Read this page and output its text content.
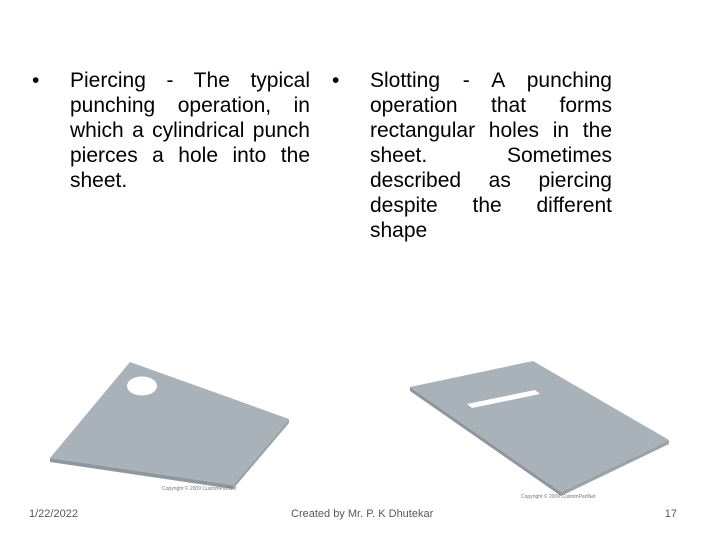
•	Piercing - The typical punching operation, in which a cylindrical punch pierces a hole into the sheet.
•	Slotting - A punching operation that forms rectangular holes in the sheet. Sometimes described as piercing despite the different shape
Copyright © 2009 CustomPartNet
Copyright © 2009 CustomPartNet
1/22/2022	Created by Mr. P. K Dhutekar	17
